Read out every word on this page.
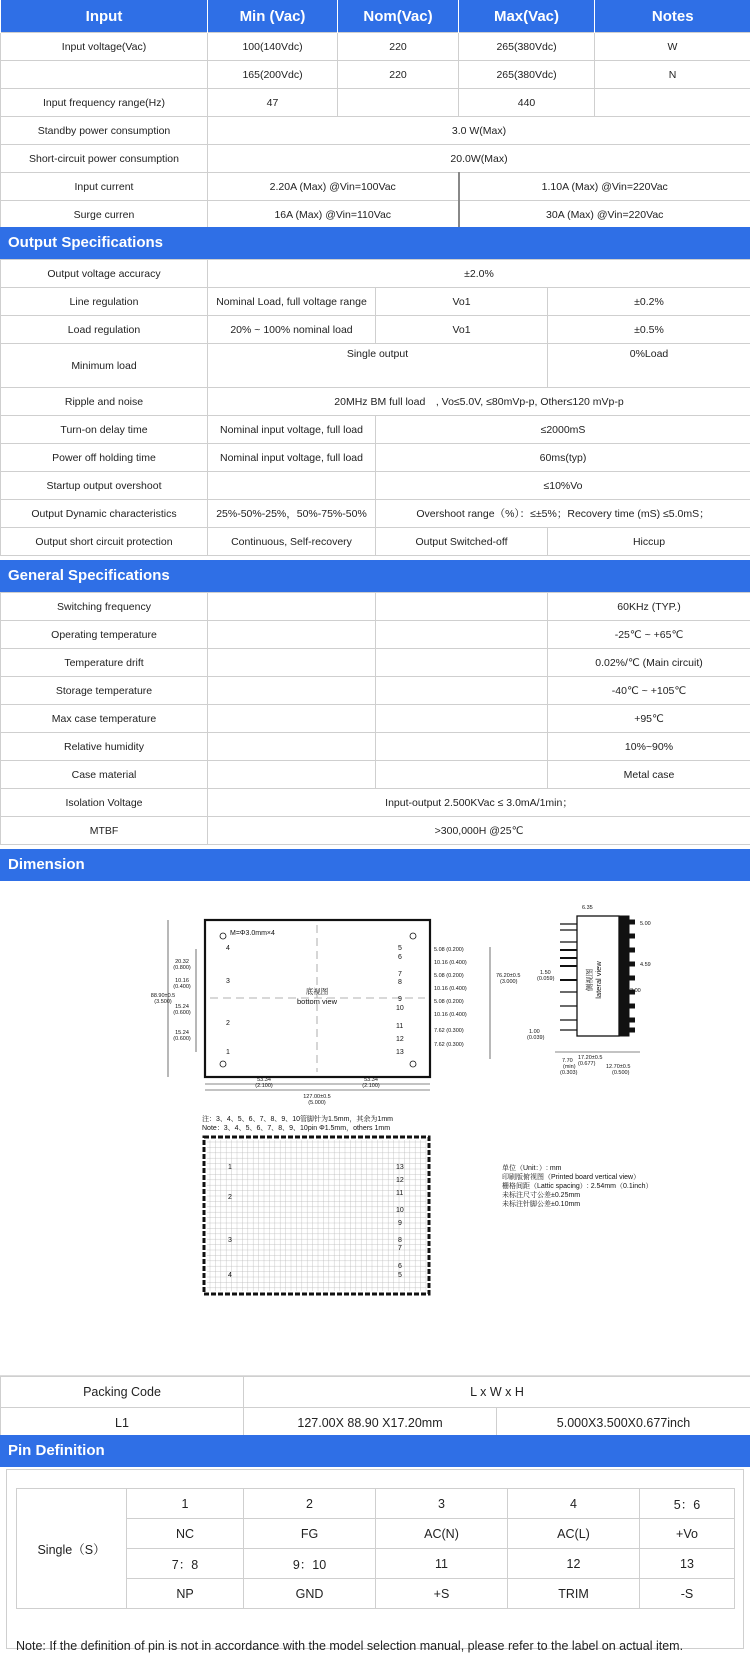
Input	Min (Vac)	Nom(Vac)	Max(Vac)	Notes
Input voltage(Vac)	100(140Vdc)	220	265(380Vdc)	W
	165(200Vdc)	220	265(380Vdc)	N
Input frequency range(Hz)	47		440	
Standby power consumption	3.0 W(Max)			
Short-circuit power consumption	20.0W(Max)			
Input current	2.20A (Max) @Vin=100Vac		1.10A (Max) @Vin=220Vac	
Surge curren	16A (Max) @Vin=110Vac		30A (Max) @Vin=220Vac	
Output Specifications
Output voltage accuracy	±2.0%		
Line regulation	Nominal Load, full voltage range	Vo1	±0.2%
Load regulation	20% ~ 100% nominal load	Vo1	±0.5%
Minimum load	Single output		0%Load
Ripple and noise	20MHz BM full load　, Vo≤5.0V, ≤80mVp-p, Other≤120 mVp-p		
Turn-on delay time	Nominal input voltage, full load	≤2000mS	
Power off holding time	Nominal input voltage, full load	60ms(typ)	
Startup output overshoot		≤10%Vo	
Output Dynamic characteristics	25%-50%-25%，50%-75%-50%	Overshoot range（%）：≤±5%；Recovery time (mS) ≤5.0mS；	
Output short circuit protection	Continuous, Self-recovery	Output Switched-off	Hiccup
General Specifications
Switching frequency			60KHz (TYP.)
Operating temperature			-25℃ ~ +65℃
Temperature drift			0.02%/℃ (Main circuit)
Storage temperature			-40℃ ~ +105℃
Max case temperature			+95℃
Relative humidity			10%~90%
Case material			Metal case
Isolation Voltage	Input-output 2.500KVac ≤ 3.0mA/1min；		
MTBF	>300,000H @25℃		
Dimension
M=Φ3.0mm×4
底视图
bottom view
4
3
2
1
5
6
7
8
9
10
11
12
13
20.32
(0.800)
10.16
(0.400)
15.24
(0.600)
15.24
(0.600)
88.90±0.5
(3.500)
5.08 (0.200)
10.16 (0.400)
5.08 (0.200)
10.16 (0.400)
5.08 (0.200)
10.16 (0.400)
7.62 (0.300)
7.62 (0.300)
76.20±0.5
(3.000)
53.34
(2.100)
53.34
(2.100)
127.00±0.5
(5.000)
侧视图 lateral view
6.35
5.00
4.59
3.00
1.50
(0.059)
1.00
(0.039)
17.20±0.5
(0.677)
7.70
(min)
(0.303)
12.70±0.5
(0.500)
注：3、4、5、6、7、8、9、10管脚针为1.5mm，其余为1mm
Note：3、4、5、6、7、8、9、10pin Φ1.5mm，others 1mm
1
2
3
4
13
12
11
10
9
8
7
6
5
单位（Unit：）: mm
印刷版俯视图（Printed board vertical view）
栅格间距（Lattic spacing）: 2.54mm（0.1inch）
未标注尺寸公差±0.25mm
未标注针脚公差±0.10mm
Packing Code	L x W x H	
L1	127.00X 88.90 X17.20mm	5.000X3.500X0.677inch
Pin Definition
Single（S）	1	2	3	4	5：6
	NC	FG	AC(N)	AC(L)	+Vo
	7：8	9：10	11	12	13
	NP	GND	+S	TRIM	-S
Note: If the definition of pin is not in accordance with the model selection manual, please refer to the label on actual item.
